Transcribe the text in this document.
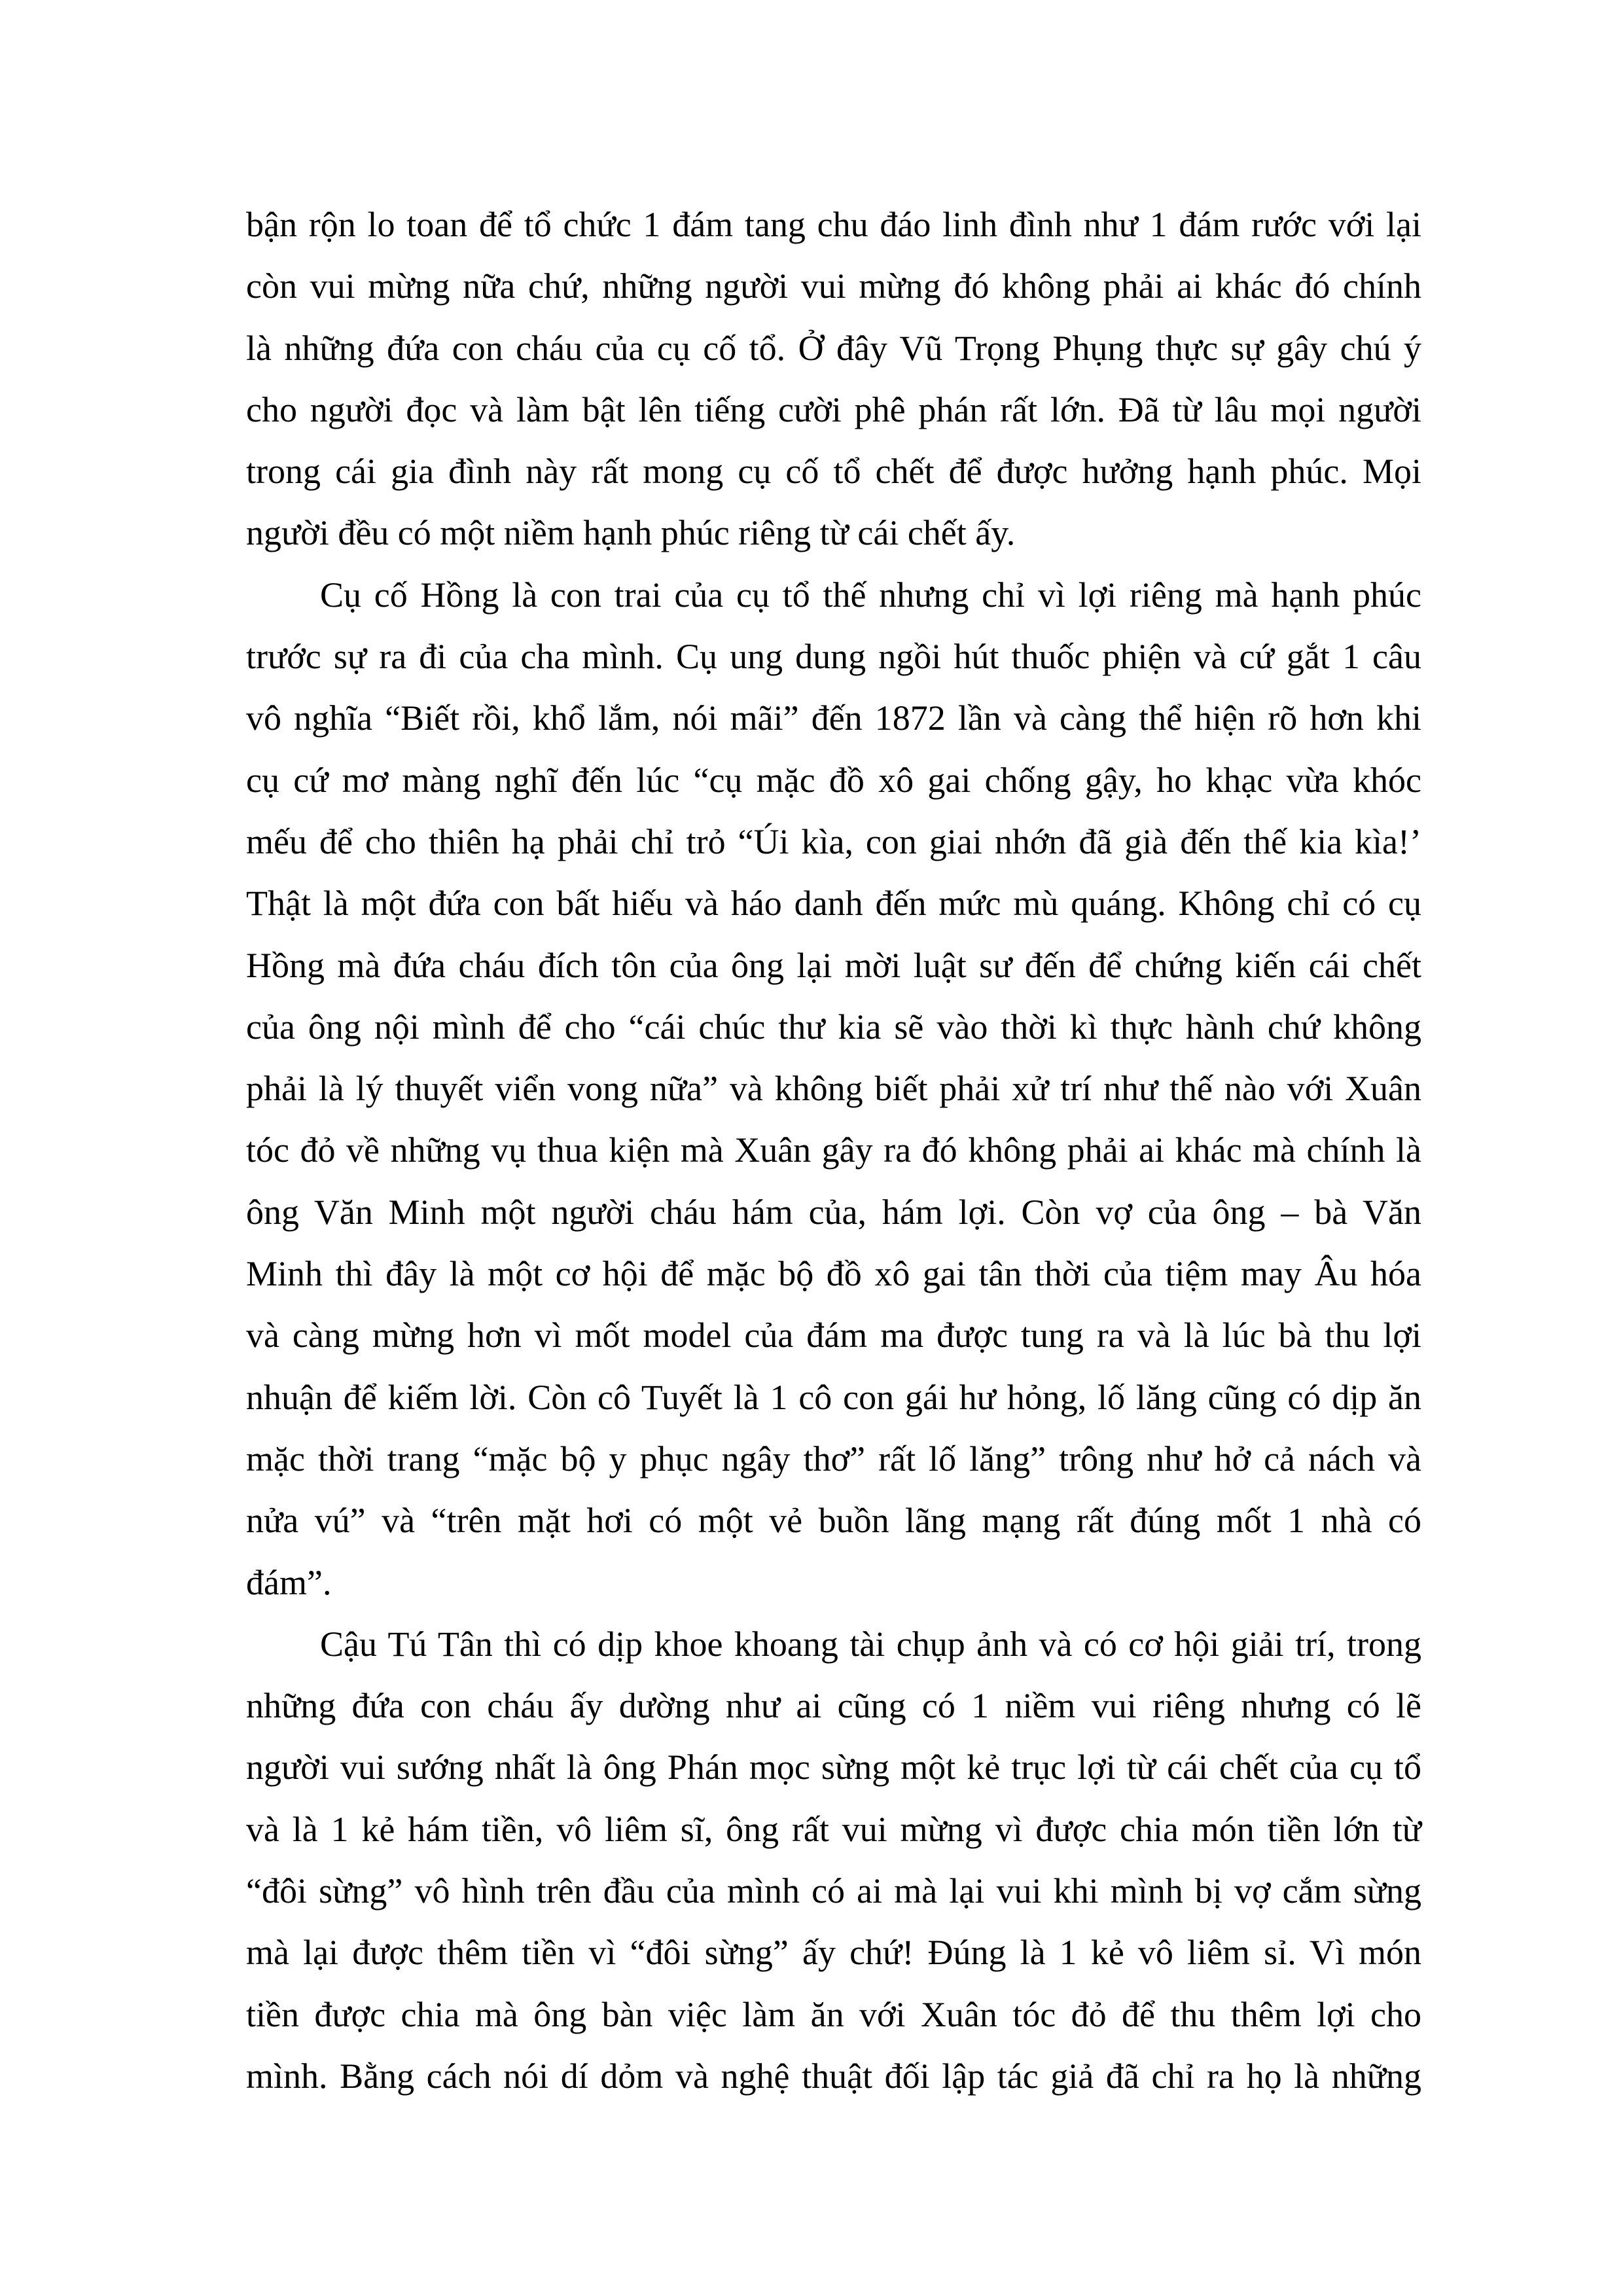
bận rộn lo toan để tổ chức 1 đám tang chu đáo linh đình như 1 đám rước với lại
còn vui mừng nữa chứ, những người vui mừng đó không phải ai khác đó chính
là những đứa con cháu của cụ cố tổ. Ở đây Vũ Trọng Phụng thực sự gây chú ý
cho người đọc và làm bật lên tiếng cười phê phán rất lớn. Đã từ lâu mọi người
trong cái gia đình này rất mong cụ cố tổ chết để được hưởng hạnh phúc. Mọi
người đều có một niềm hạnh phúc riêng từ cái chết ấy.
Cụ cố Hồng là con trai của cụ tổ thế nhưng chỉ vì lợi riêng mà hạnh phúc
trước sự ra đi của cha mình. Cụ ung dung ngồi hút thuốc phiện và cứ gắt 1 câu
vô nghĩa “Biết rồi, khổ lắm, nói mãi” đến 1872 lần và càng thể hiện rõ hơn khi
cụ cứ mơ màng nghĩ đến lúc “cụ mặc đồ xô gai chống gậy, ho khạc vừa khóc
mếu để cho thiên hạ phải chỉ trỏ “Úi kìa, con giai nhớn đã già đến thế kia kìa!’
Thật là một đứa con bất hiếu và háo danh đến mức mù quáng. Không chỉ có cụ
Hồng mà đứa cháu đích tôn của ông lại mời luật sư đến để chứng kiến cái chết
của ông nội mình để cho “cái chúc thư kia sẽ vào thời kì thực hành chứ không
phải là lý thuyết viển vong nữa” và không biết phải xử trí như thế nào với Xuân
tóc đỏ về những vụ thua kiện mà Xuân gây ra đó không phải ai khác mà chính là
ông Văn Minh một người cháu hám của, hám lợi. Còn vợ của ông – bà Văn
Minh thì đây là một cơ hội để mặc bộ đồ xô gai tân thời của tiệm may Âu hóa
và càng mừng hơn vì mốt model của đám ma được tung ra và là lúc bà thu lợi
nhuận để kiếm lời. Còn cô Tuyết là 1 cô con gái hư hỏng, lố lăng cũng có dịp ăn
mặc thời trang “mặc bộ y phục ngây thơ” rất lố lăng” trông như hở cả nách và
nửa vú” và “trên mặt hơi có một vẻ buồn lãng mạng rất đúng mốt 1 nhà có
đám”.
Cậu Tú Tân thì có dịp khoe khoang tài chụp ảnh và có cơ hội giải trí, trong
những đứa con cháu ấy dường như ai cũng có 1 niềm vui riêng nhưng có lẽ
người vui sướng nhất là ông Phán mọc sừng một kẻ trục lợi từ cái chết của cụ tổ
và là 1 kẻ hám tiền, vô liêm sĩ, ông rất vui mừng vì được chia món tiền lớn từ
“đôi sừng” vô hình trên đầu của mình có ai mà lại vui khi mình bị vợ cắm sừng
mà lại được thêm tiền vì “đôi sừng” ấy chứ! Đúng là 1 kẻ vô liêm sỉ. Vì món
tiền được chia mà ông bàn việc làm ăn với Xuân tóc đỏ để thu thêm lợi cho
mình. Bằng cách nói dí dỏm và nghệ thuật đối lập tác giả đã chỉ ra họ là những
